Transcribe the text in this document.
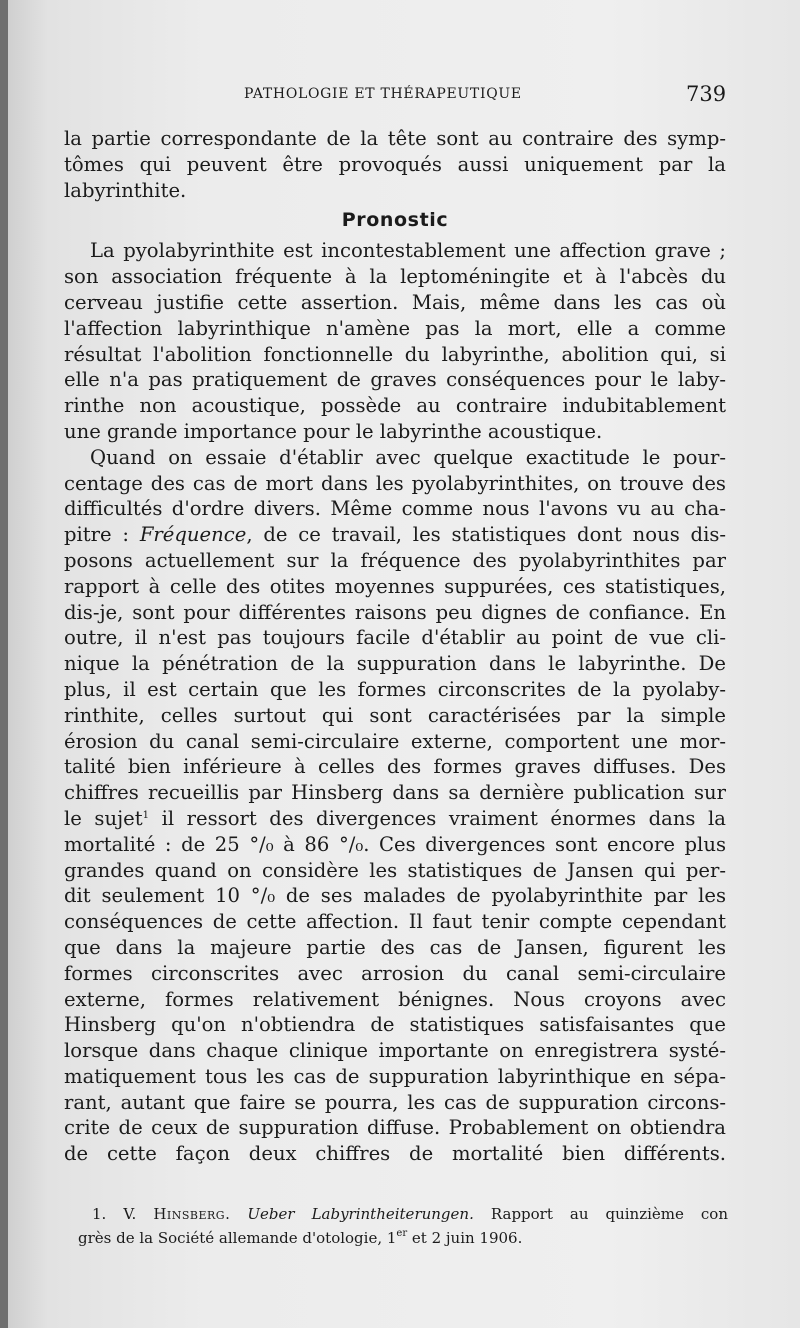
PATHOLOGIE ET THÉRAPEUTIQUE	739
la partie correspondante de la tête sont au contraire des symp-
tômes qui peuvent être provoqués aussi uniquement par la
labyrinthite.
Pronostic
La pyolabyrinthite est incontestablement une affection grave ;
son association fréquente à la leptoméningite et à l'abcès du
cerveau justifie cette assertion. Mais, même dans les cas où
l'affection labyrinthique n'amène pas la mort, elle a comme
résultat l'abolition fonctionnelle du labyrinthe, abolition qui, si
elle n'a pas pratiquement de graves conséquences pour le laby-
rinthe non acoustique, possède au contraire indubitablement
une grande importance pour le labyrinthe acoustique.
Quand on essaie d'établir avec quelque exactitude le pour-
centage des cas de mort dans les pyolabyrinthites, on trouve des
difficultés d'ordre divers. Même comme nous l'avons vu au cha-
pitre : Fréquence, de ce travail, les statistiques dont nous dis-
posons actuellement sur la fréquence des pyolabyrinthites par
rapport à celle des otites moyennes suppurées, ces statistiques,
dis-je, sont pour différentes raisons peu dignes de confiance. En
outre, il n'est pas toujours facile d'établir au point de vue cli-
nique la pénétration de la suppuration dans le labyrinthe. De
plus, il est certain que les formes circonscrites de la pyolaby-
rinthite, celles surtout qui sont caractérisées par la simple
érosion du canal semi-circulaire externe, comportent une mor-
talité bien inférieure à celles des formes graves diffuses. Des
chiffres recueillis par Hinsberg dans sa dernière publication sur
le sujet$^1$ il ressort des divergences vraiment énormes dans la
mortalité : de 25 °/₀ à 86 °/₀. Ces divergences sont encore plus
grandes quand on considère les statistiques de Jansen qui per-
dit seulement 10 °/₀ de ses malades de pyolabyrinthite par les
conséquences de cette affection. Il faut tenir compte cependant
que dans la majeure partie des cas de Jansen, figurent les
formes circonscrites avec arrosion du canal semi-circulaire
externe, formes relativement bénignes. Nous croyons avec
Hinsberg qu'on n'obtiendra de statistiques satisfaisantes que
lorsque dans chaque clinique importante on enregistrera systé-
matiquement tous les cas de suppuration labyrinthique en sépa-
rant, autant que faire se pourra, les cas de suppuration circons-
crite de ceux de suppuration diffuse. Probablement on obtiendra
de cette façon deux chiffres de mortalité bien différents.
1. V. Hinsberg. Ueber Labyrintheiterungen. Rapport au quinzième con
grès de la Société allemande d'otologie, 1er et 2 juin 1906.
